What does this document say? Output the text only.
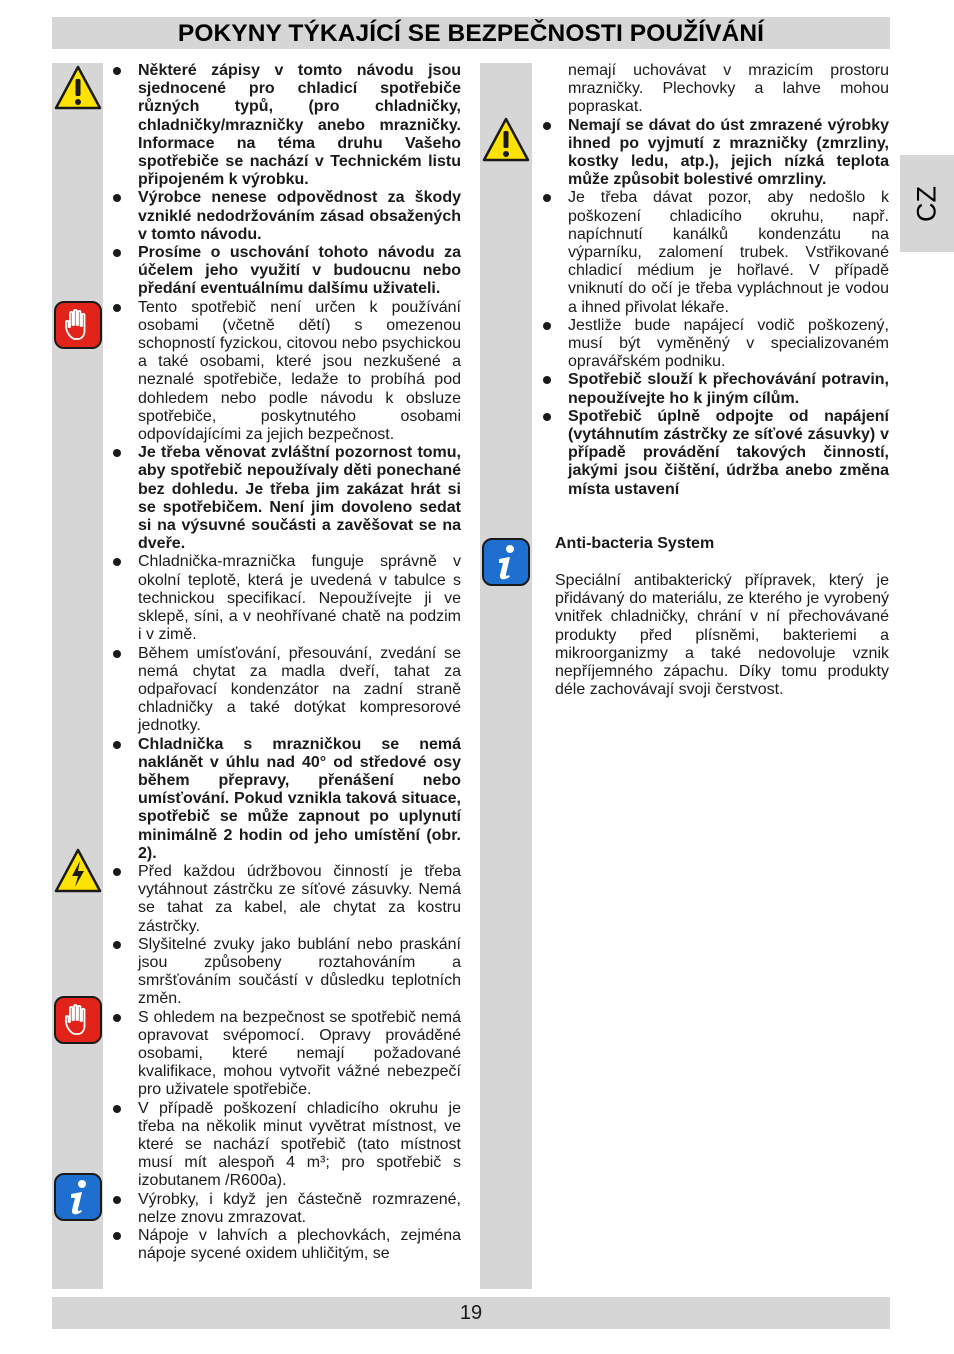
POKYNY TÝKAJÍCÍ SE BEZPEČNOSTI POUŽÍVÁNÍ
CZ
Některé zápisy v tomto návodu jsou sjednocené pro chladicí spotřebiče různých typů, (pro chladničky, chladničky/mrazničky anebo mrazničky. Informace na téma druhu Vašeho spotřebiče se nachází v Technickém listu připojeném k výrobku.
Výrobce nenese odpovědnost za škody vzniklé nedodržováním zásad obsažených v tomto návodu.
Prosíme o uschování tohoto návodu za účelem jeho využití v budoucnu nebo předání eventuálnímu dalšímu uživateli.
Tento spotřebič není určen k používání osobami (včetně dětí) s omezenou schopností fyzickou, citovou nebo psychickou a také osobami, které jsou nezkušené a neznalé spotřebiče, ledaže to probíhá pod dohledem nebo podle návodu k obsluze spotřebiče, poskytnutého osobami odpovídajícími za jejich bezpečnost.
Je třeba věnovat zvláštní pozornost tomu, aby spotřebič nepoužívaly děti ponechané bez dohledu. Je třeba jim zakázat hrát si se spotřebičem. Není jim dovoleno sedat si na výsuvné součásti a zavěšovat se na dveře.
Chladnička-mraznička funguje správně v okolní teplotě, která je uvedená v tabulce s technickou specifikací. Nepoužívejte ji ve sklepě, síni, a v neohřívané chatě na podzim i v zimě.
Během umísťování, přesouvání, zvedání se nemá chytat za madla dveří, tahat za odpařovací kondenzátor na zadní straně chladničky a také dotýkat kompresorové jednotky.
Chladnička s mrazničkou se nemá naklánět v úhlu nad 40° od středové osy během přepravy, přenášení nebo umísťování. Pokud vznikla taková situace, spotřebič se může zapnout po uplynutí minimálně 2 hodin od jeho umístění (obr. 2).
Před každou údržbovou činností je třeba vytáhnout zástrčku ze síťové zásuvky. Nemá se tahat za kabel, ale chytat za kostru zástrčky.
Slyšitelné zvuky jako bublání nebo praskání jsou způsobeny roztahováním a smršťováním součástí v důsledku teplotních změn.
S ohledem na bezpečnost se spotřebič nemá opravovat svépomocí. Opravy prováděné osobami, které nemají požadované kvalifikace, mohou vytvořit vážné nebezpečí pro uživatele spotřebiče.
V případě poškození chladicího okruhu je třeba na několik minut vyvětrat místnost, ve které se nachází spotřebič (tato místnost musí mít alespoň 4 m³; pro spotřebič s izobutanem /R600a).
Výrobky, i když jen částečně rozmrazené, nelze znovu zmrazovat.
Nápoje v lahvích a plechovkách, zejména nápoje sycené oxidem uhličitým, se
nemají uchovávat v mrazicím prostoru mrazničky. Plechovky a lahve mohou popraskat.
Nemají se dávat do úst zmrazené výrobky ihned po vyjmutí z mrazničky (zmrzliny, kostky ledu, atp.), jejich nízká teplota může způsobit bolestivé omrzliny.
Je třeba dávat pozor, aby nedošlo k poškození chladicího okruhu, např. napíchnutí kanálků kondenzátu na výparníku, zalomení trubek. Vstřikované chladicí médium je hořlavé. V případě vniknutí do očí je třeba vypláchnout je vodou a ihned přivolat lékaře.
Jestliže bude napájecí vodič poškozený, musí být vyměněný v specializovaném opravářském podniku.
Spotřebič slouží k přechovávání potravin, nepoužívejte ho k jiným cílům.
Spotřebič úplně odpojte od napájení (vytáhnutím zástrčky ze síťové zásuvky) v případě provádění takových činností, jakými jsou čištění, údržba anebo změna místa ustavení
Anti-bacteria System
Speciální antibakterický přípravek, který je přidávaný do materiálu, ze kterého je vyrobený vnitřek chladničky, chrání v ní přechovávané produkty před plísněmi, bakteriemi a mikroorganizmy a také nedovoluje vznik nepříjemného zápachu. Díky tomu produkty déle zachovávají svoji čerstvost.
19
